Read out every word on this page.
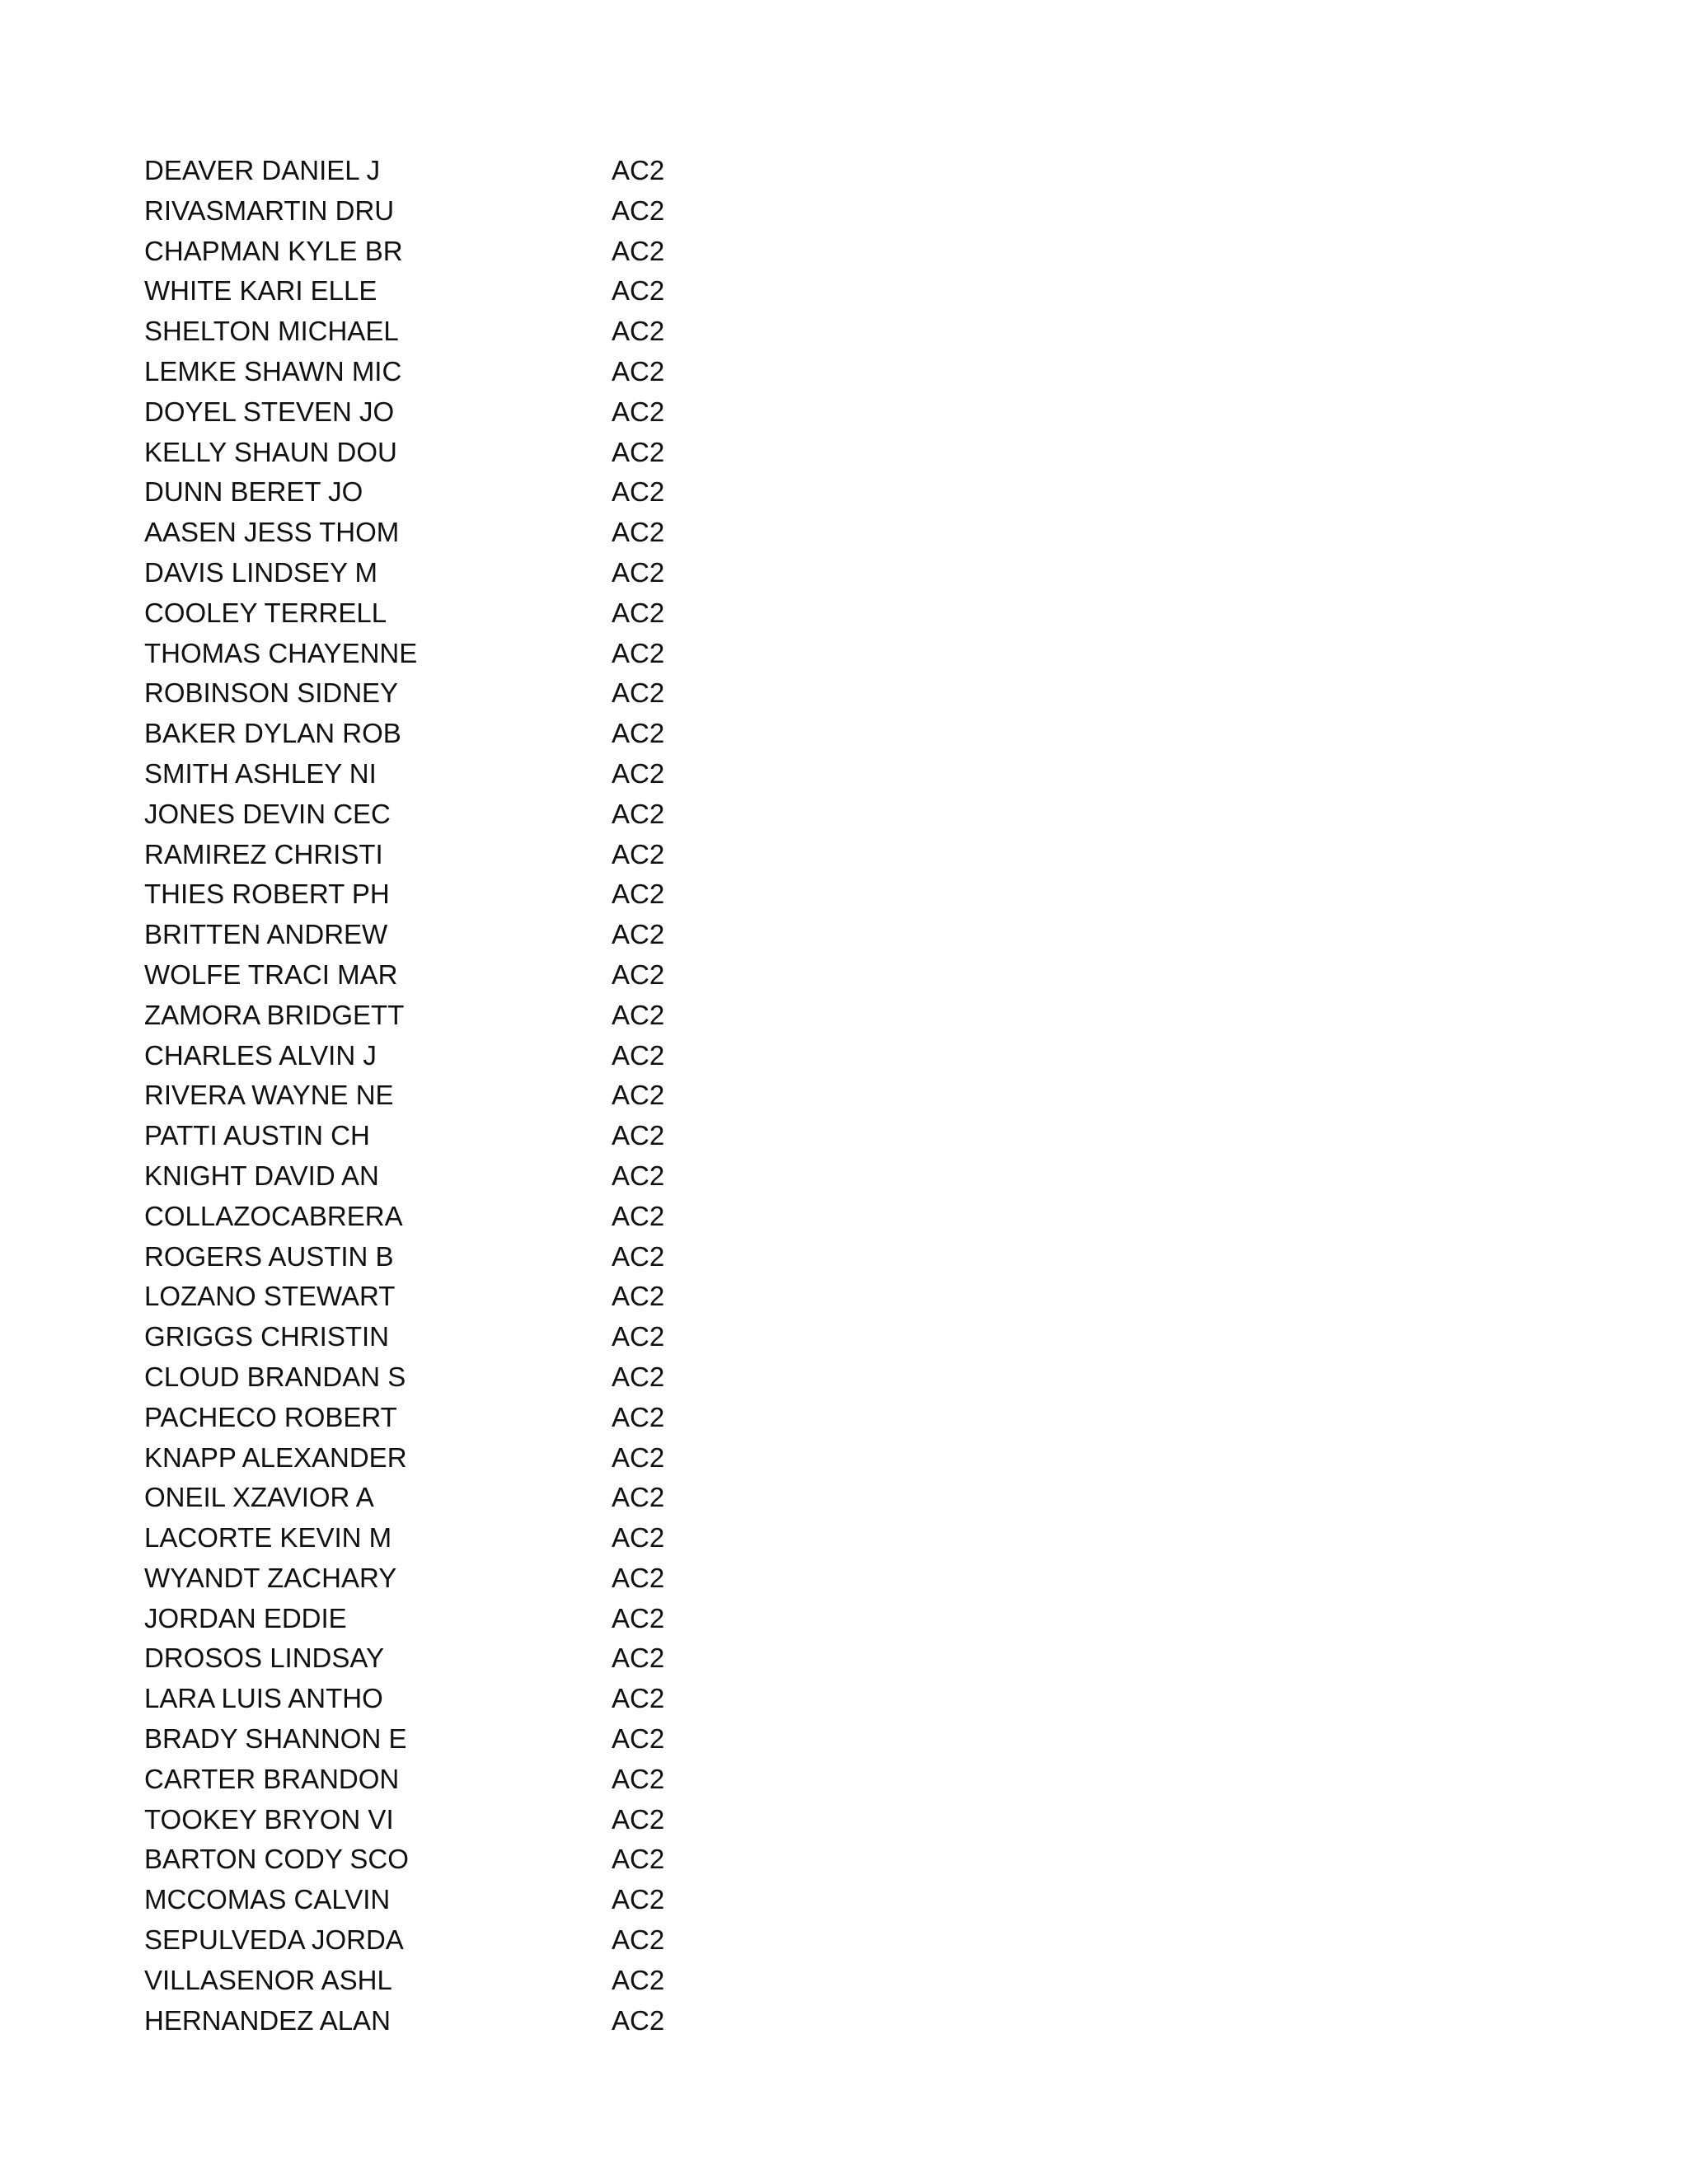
DEAVER DANIEL J	AC2
RIVASMARTIN DRU	AC2
CHAPMAN KYLE BR	AC2
WHITE KARI ELLE	AC2
SHELTON MICHAEL	AC2
LEMKE SHAWN MIC	AC2
DOYEL STEVEN JO	AC2
KELLY SHAUN DOU	AC2
DUNN BERET JO	AC2
AASEN JESS THOM	AC2
DAVIS LINDSEY M	AC2
COOLEY TERRELL	AC2
THOMAS CHAYENNE	AC2
ROBINSON SIDNEY	AC2
BAKER DYLAN ROB	AC2
SMITH ASHLEY NI	AC2
JONES DEVIN CEC	AC2
RAMIREZ CHRISTI	AC2
THIES ROBERT PH	AC2
BRITTEN ANDREW	AC2
WOLFE TRACI MAR	AC2
ZAMORA BRIDGETT	AC2
CHARLES ALVIN J	AC2
RIVERA WAYNE NE	AC2
PATTI AUSTIN CH	AC2
KNIGHT DAVID AN	AC2
COLLAZOCABRERA	AC2
ROGERS AUSTIN B	AC2
LOZANO STEWART	AC2
GRIGGS CHRISTIN	AC2
CLOUD BRANDAN S	AC2
PACHECO ROBERT	AC2
KNAPP ALEXANDER	AC2
ONEIL XZAVIOR A	AC2
LACORTE KEVIN M	AC2
WYANDT ZACHARY	AC2
JORDAN EDDIE	AC2
DROSOS LINDSAY	AC2
LARA LUIS ANTHO	AC2
BRADY SHANNON E	AC2
CARTER BRANDON	AC2
TOOKEY BRYON VI	AC2
BARTON CODY SCO	AC2
MCCOMAS CALVIN	AC2
SEPULVEDA JORDA	AC2
VILLASENOR ASHL	AC2
HERNANDEZ ALAN	AC2
